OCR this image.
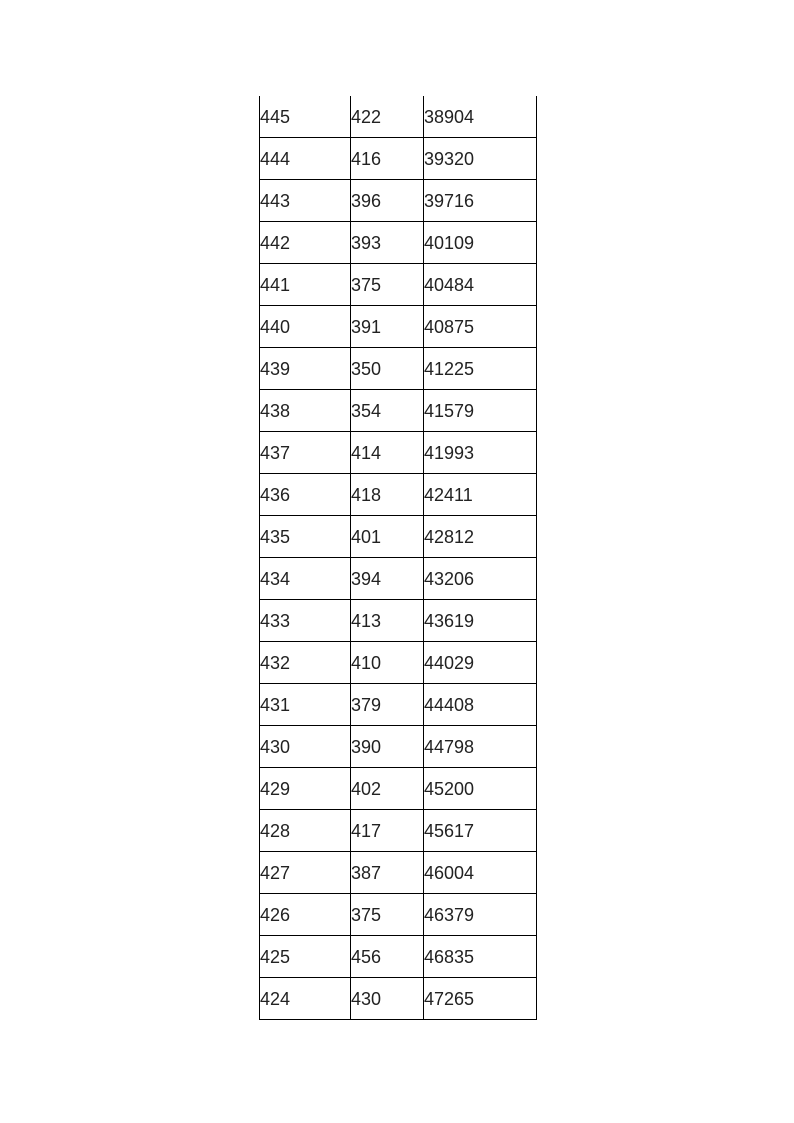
445	422	38904
444	416	39320
443	396	39716
442	393	40109
441	375	40484
440	391	40875
439	350	41225
438	354	41579
437	414	41993
436	418	42411
435	401	42812
434	394	43206
433	413	43619
432	410	44029
431	379	44408
430	390	44798
429	402	45200
428	417	45617
427	387	46004
426	375	46379
425	456	46835
424	430	47265
